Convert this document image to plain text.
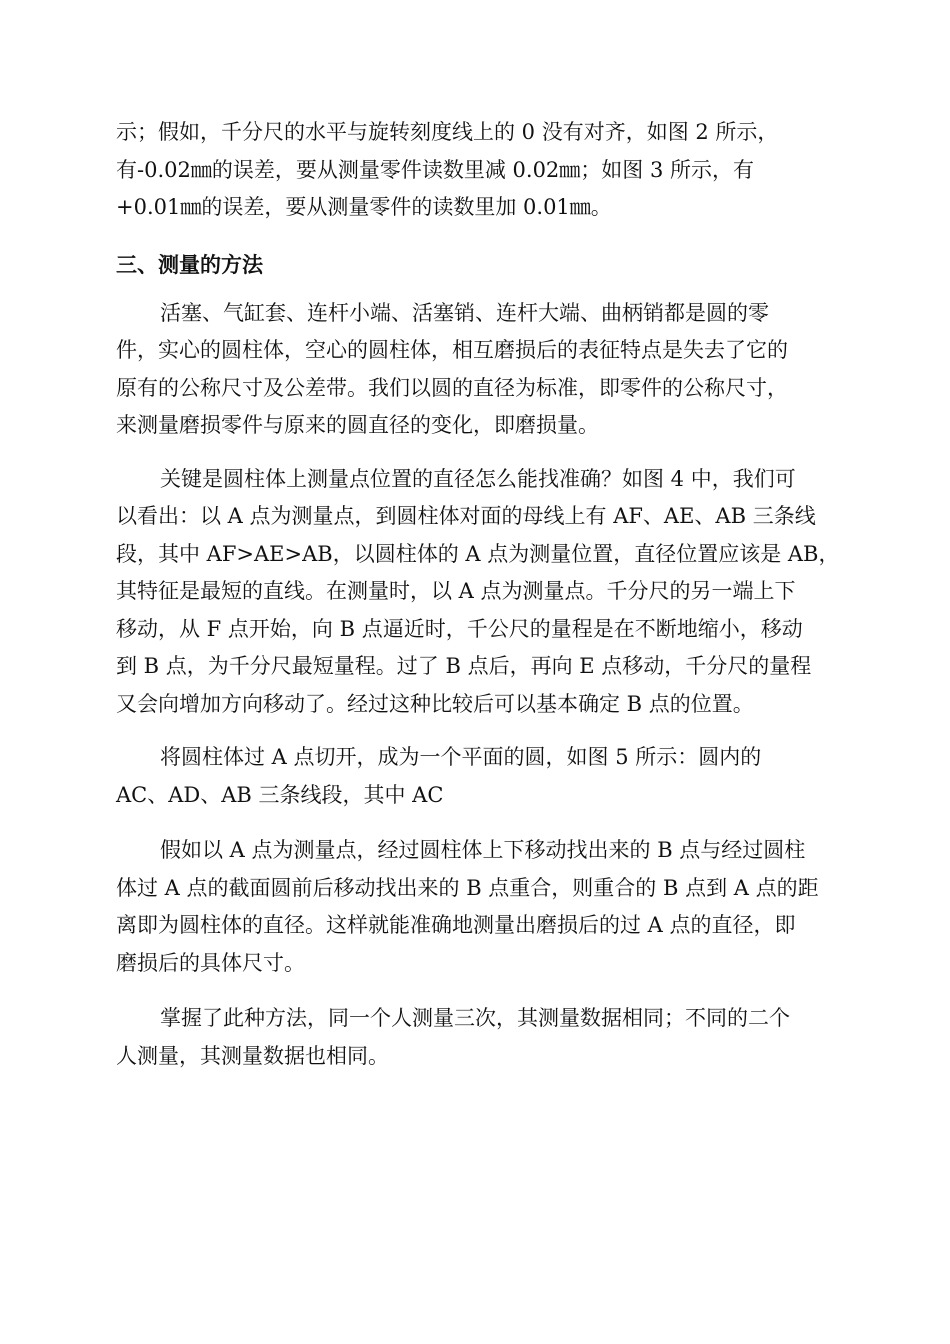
示；假如，千分尺的水平与旋转刻度线上的 0 没有对齐，如图 2 所示，
有-0.02㎜的误差，要从测量零件读数里减 0.02㎜；如图 3 所示，有
+0.01㎜的误差，要从测量零件的读数里加 0.01㎜。

三、测量的方法

活塞、气缸套、连杆小端、活塞销、连杆大端、曲柄销都是圆的零
件，实心的圆柱体，空心的圆柱体，相互磨损后的表征特点是失去了它的
原有的公称尺寸及公差带。我们以圆的直径为标准，即零件的公称尺寸，
来测量磨损零件与原来的圆直径的变化，即磨损量。

关键是圆柱体上测量点位置的直径怎么能找准确？如图 4 中，我们可
以看出：以 A 点为测量点，到圆柱体对面的母线上有 AF、AE、AB 三条线
段，其中 AF>AE>AB，以圆柱体的 A 点为测量位置，直径位置应该是 AB，
其特征是最短的直线。在测量时，以 A 点为测量点。千分尺的另一端上下
移动，从 F 点开始，向 B 点逼近时，千公尺的量程是在不断地缩小，移动
到 B 点，为千分尺最短量程。过了 B 点后，再向 E 点移动，千分尺的量程
又会向增加方向移动了。经过这种比较后可以基本确定 B 点的位置。

将圆柱体过 A 点切开，成为一个平面的圆，如图 5 所示：圆内的
AC、AD、AB 三条线段，其中 AC

假如以 A 点为测量点，经过圆柱体上下移动找出来的 B 点与经过圆柱
体过 A 点的截面圆前后移动找出来的 B 点重合，则重合的 B 点到 A 点的距
离即为圆柱体的直径。这样就能准确地测量出磨损后的过 A 点的直径，即
磨损后的具体尺寸。

掌握了此种方法，同一个人测量三次，其测量数据相同；不同的二个
人测量，其测量数据也相同。
